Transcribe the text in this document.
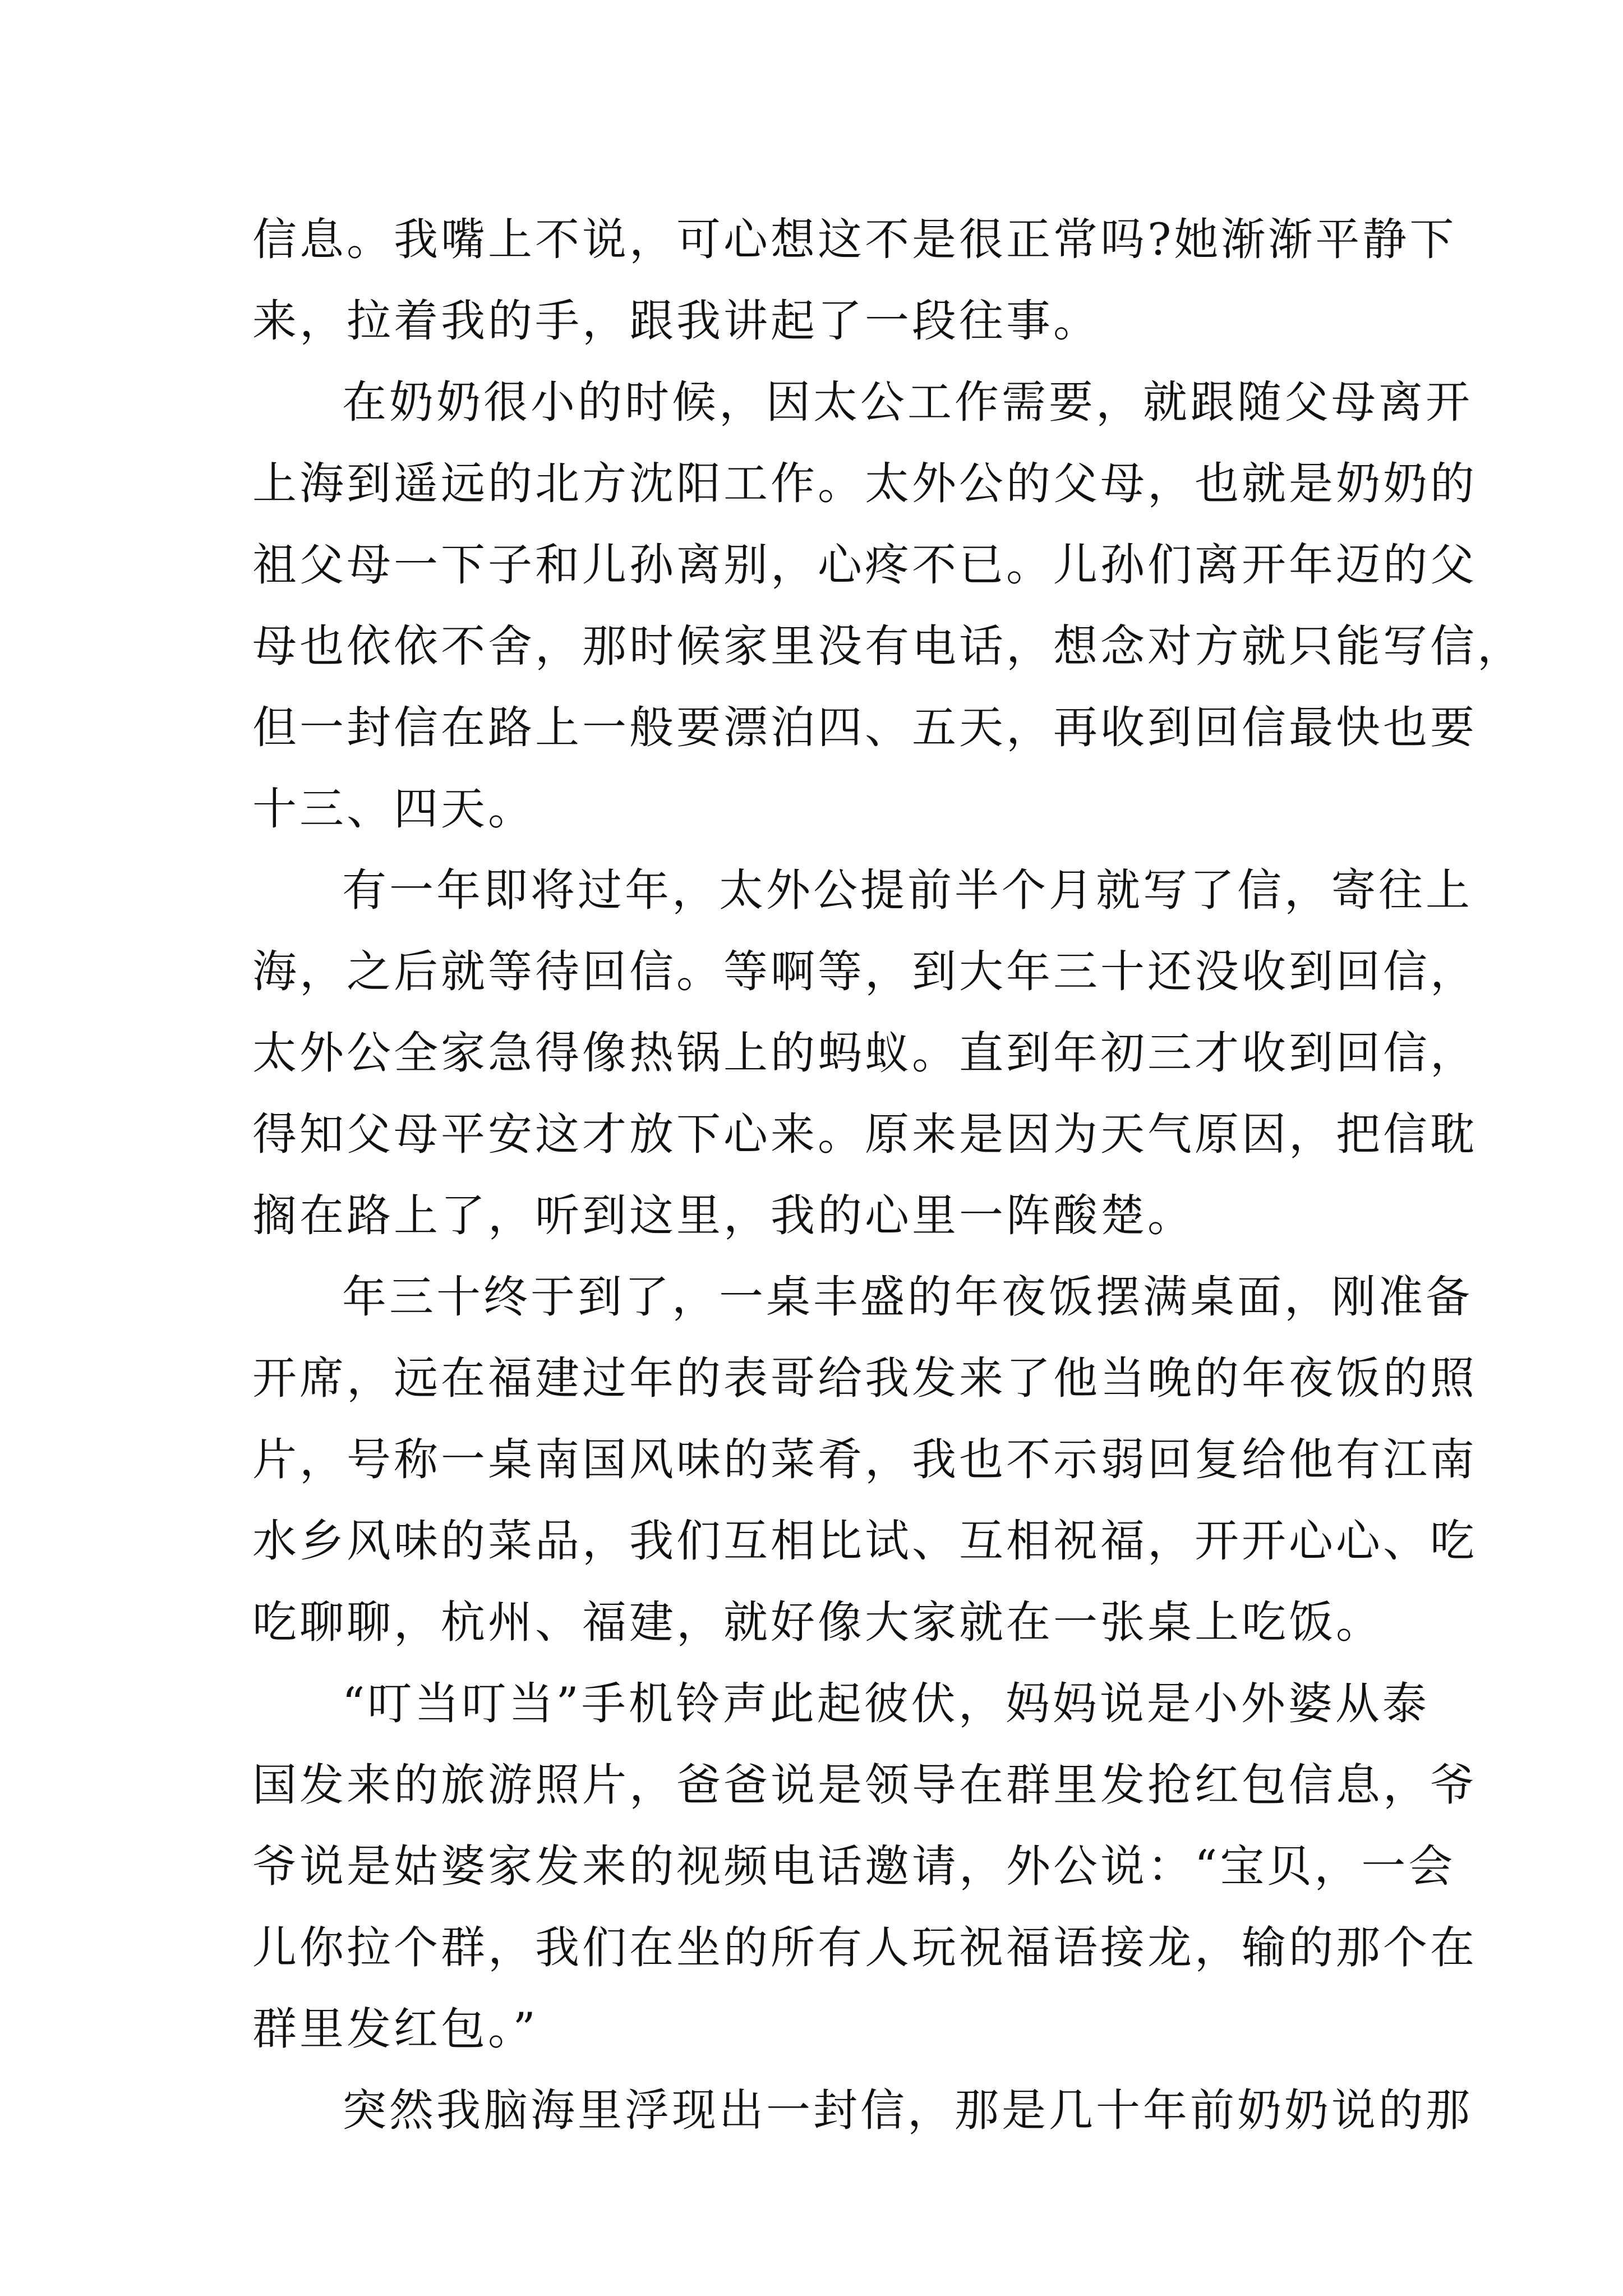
信息。我嘴上不说，可心想这不是很正常吗?她渐渐平静下
来，拉着我的手，跟我讲起了一段往事。
在奶奶很小的时候，因太公工作需要，就跟随父母离开
上海到遥远的北方沈阳工作。太外公的父母，也就是奶奶的
祖父母一下子和儿孙离别，心疼不已。儿孙们离开年迈的父
母也依依不舍，那时候家里没有电话，想念对方就只能写信，
但一封信在路上一般要漂泊四、五天，再收到回信最快也要
十三、四天。
有一年即将过年，太外公提前半个月就写了信，寄往上
海，之后就等待回信。等啊等，到大年三十还没收到回信，
太外公全家急得像热锅上的蚂蚁。直到年初三才收到回信，
得知父母平安这才放下心来。原来是因为天气原因，把信耽
搁在路上了，听到这里，我的心里一阵酸楚。
年三十终于到了，一桌丰盛的年夜饭摆满桌面，刚准备
开席，远在福建过年的表哥给我发来了他当晚的年夜饭的照
片，号称一桌南国风味的菜肴，我也不示弱回复给他有江南
水乡风味的菜品，我们互相比试、互相祝福，开开心心、吃
吃聊聊，杭州、福建，就好像大家就在一张桌上吃饭。
“叮当叮当”手机铃声此起彼伏，妈妈说是小外婆从泰
国发来的旅游照片，爸爸说是领导在群里发抢红包信息，爷
爷说是姑婆家发来的视频电话邀请，外公说：“宝贝，一会
儿你拉个群，我们在坐的所有人玩祝福语接龙，输的那个在
群里发红包。”
突然我脑海里浮现出一封信，那是几十年前奶奶说的那
